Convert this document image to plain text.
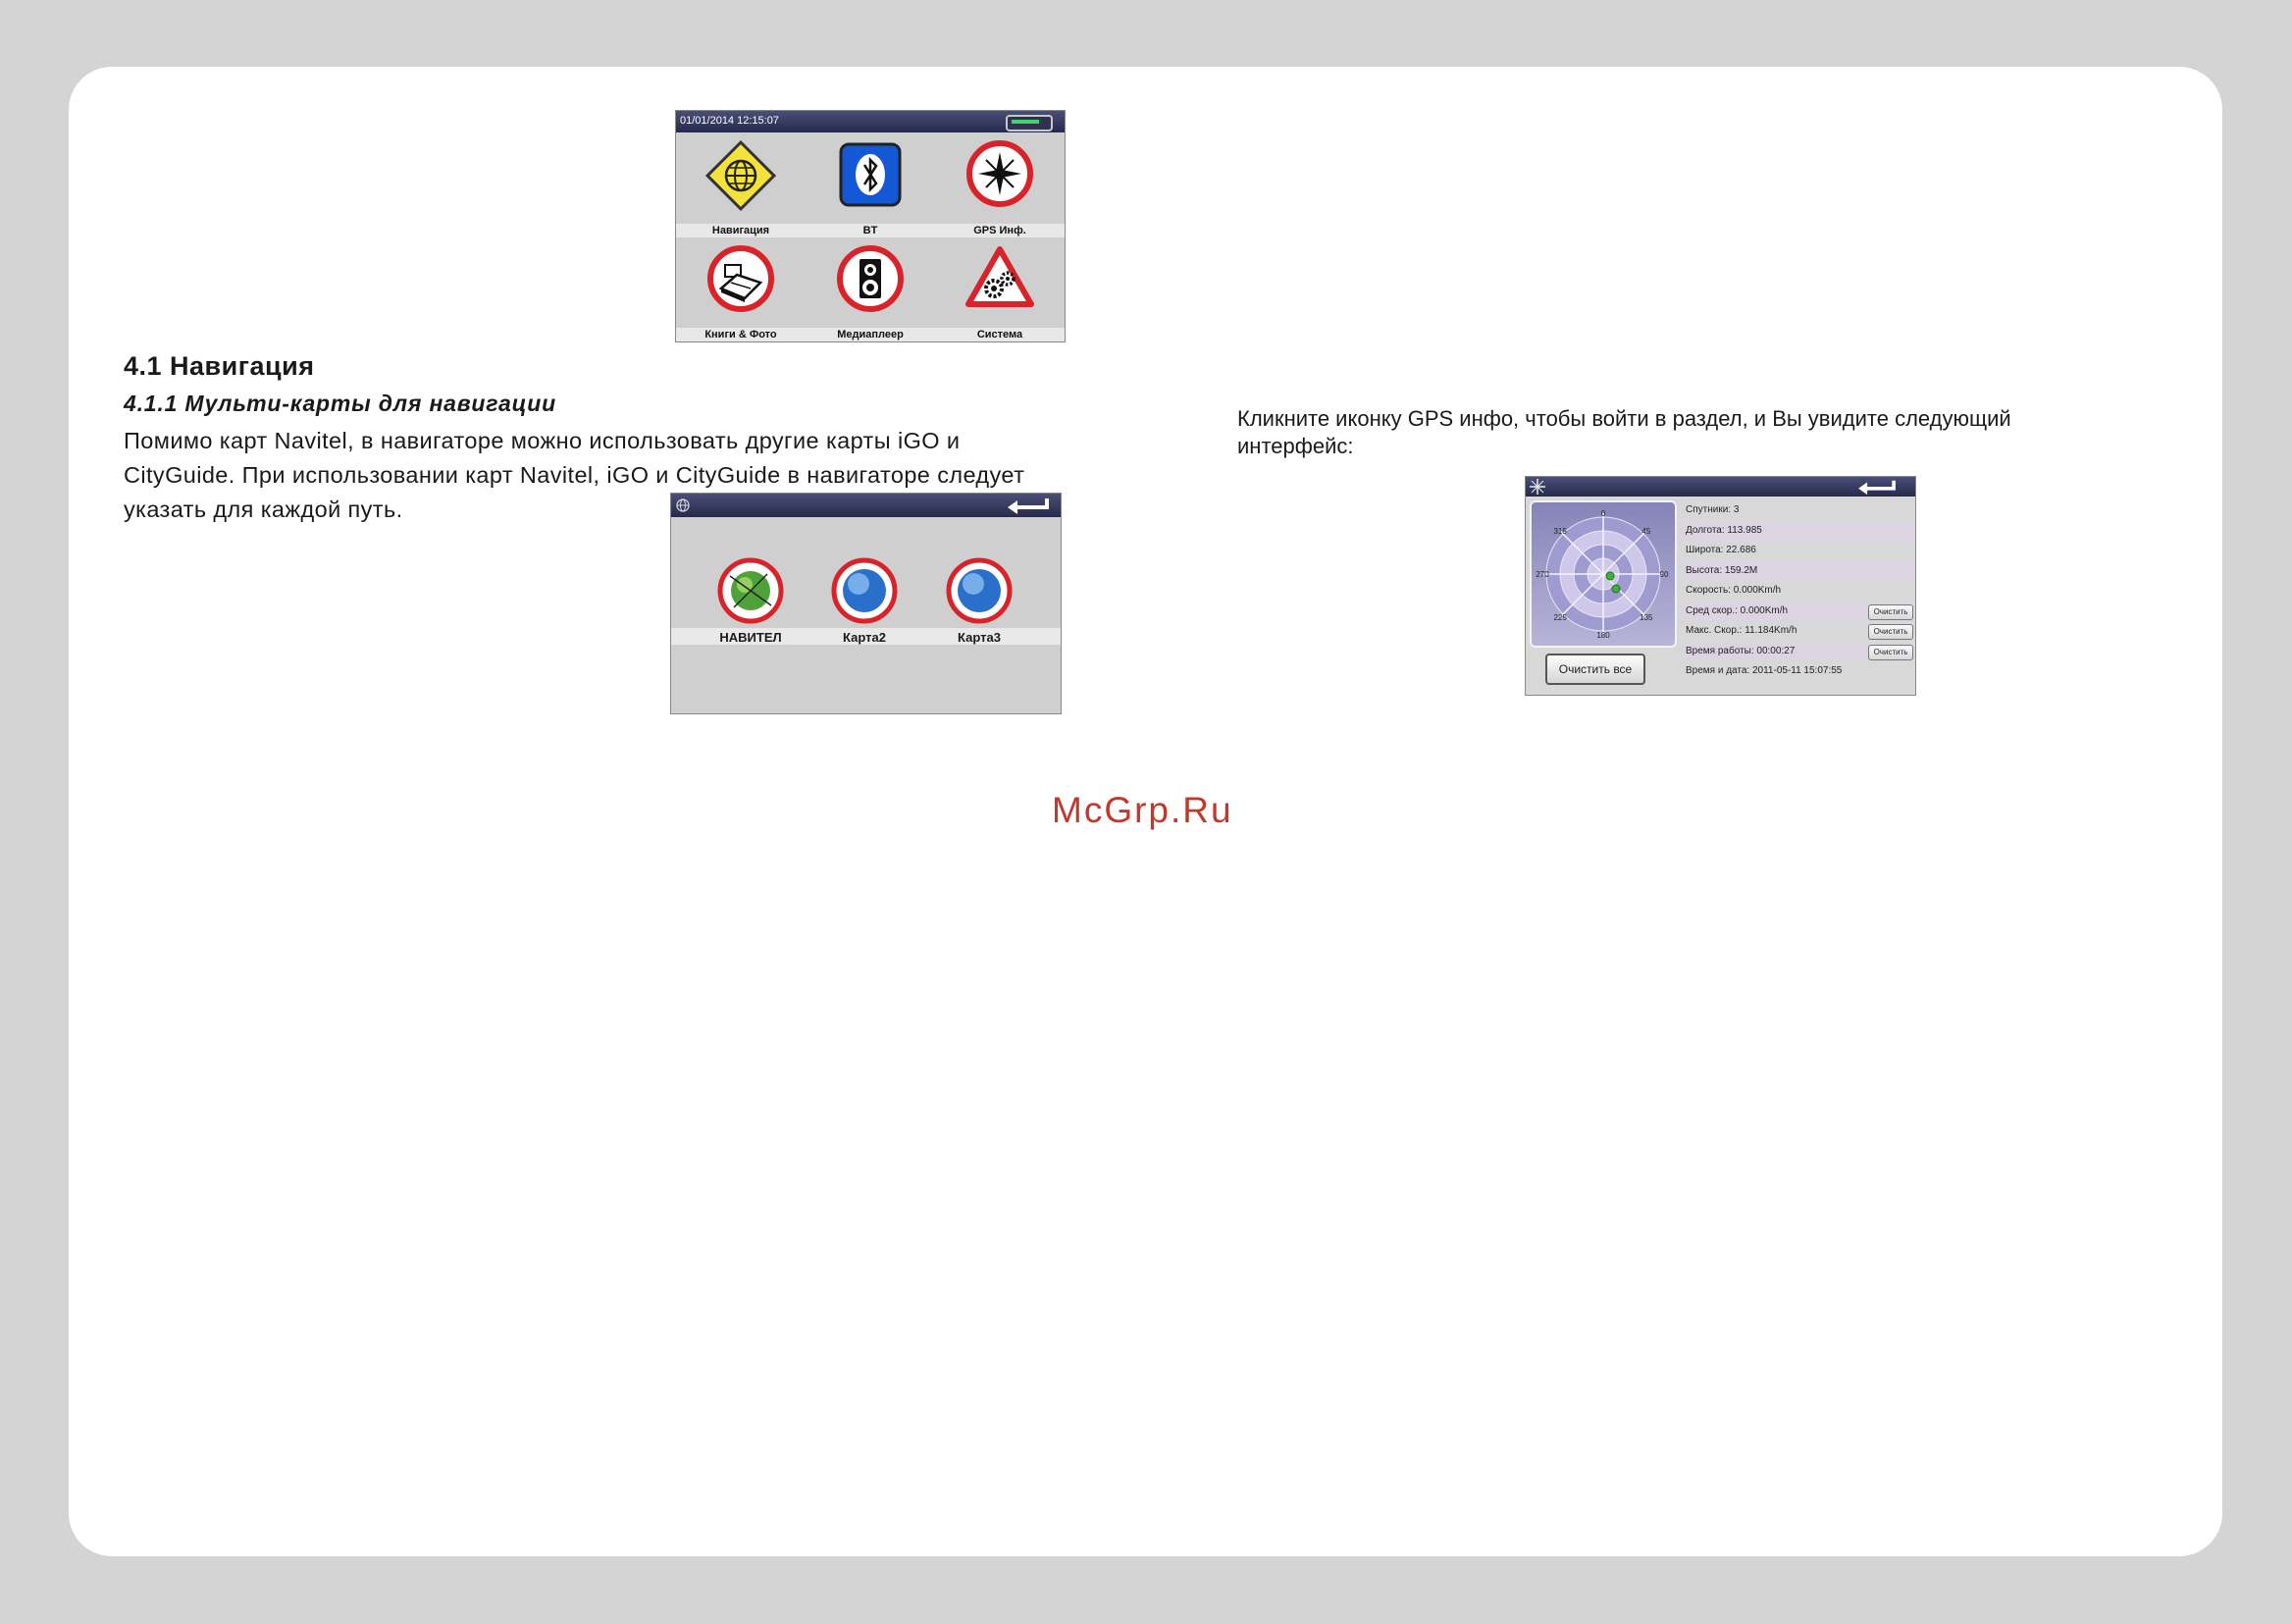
01/01/2014 12:15:07
Навигация	BT	GPS Инф.
Книги & Фото	Медиаплеер	Система
4.1 Навигация
4.1.1 Мульти-карты для навигации
Помимо карт Navitel, в навигаторе можно использовать другие карты iGO и CityGuide. При использовании карт Navitel, iGO и CityGuide в навигаторе следует указать для каждой путь.
НАВИТЕЛ	Карта2	Карта3
Кликните иконку GPS инфо, чтобы войти в раздел, и Вы увидите следующий интерфейс:
0
45
90
135
180
225
270
315
Очистить все
Спутники: 3
Долгота: 113.985
Широта: 22.686
Высота: 159.2M
Скорость: 0.000Km/h
Сред скор.: 0.000Km/h	Очистить
Макс. Скор.: 11.184Km/h	Очистить
Время работы: 00:00:27	Очистить
Время и дата: 2011-05-11 15:07:55
McGrp.Ru
